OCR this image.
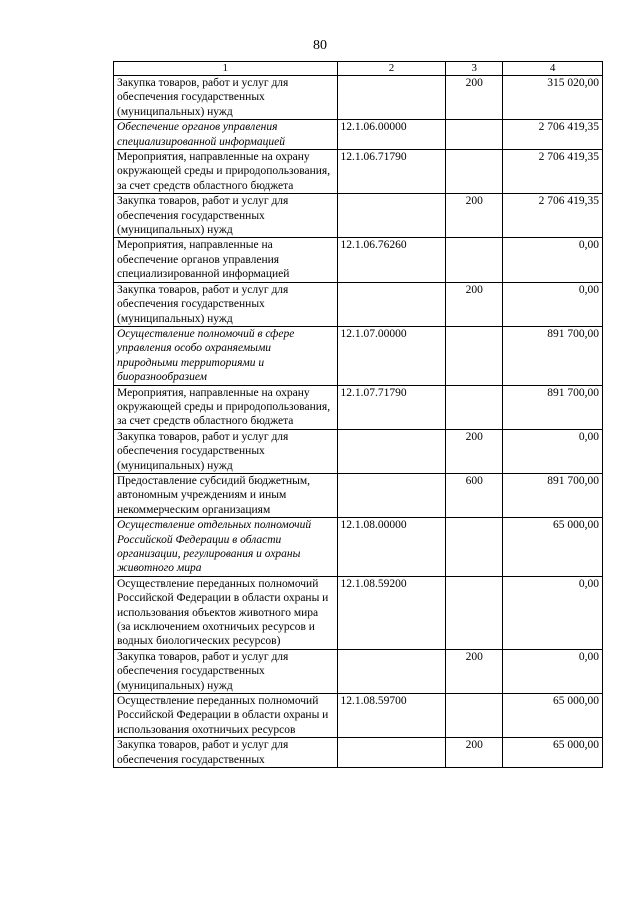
80
1	2	3	4
Закупка товаров, работ и услуг для обеспечения государственных (муниципальных) нужд		200	315 020,00
Обеспечение органов управления специализированной информацией	12.1.06.00000		2 706 419,35
Мероприятия, направленные на охрану окружающей среды и природопользования, за счет средств областного бюджета	12.1.06.71790		2 706 419,35
Закупка товаров, работ и услуг для обеспечения государственных (муниципальных) нужд		200	2 706 419,35
Мероприятия, направленные на обеспечение органов управления специализированной информацией	12.1.06.76260		0,00
Закупка товаров, работ и услуг для обеспечения государственных (муниципальных) нужд		200	0,00
Осуществление полномочий в сфере управления особо охраняемыми природными территориями и биоразнообразием	12.1.07.00000		891 700,00
Мероприятия, направленные на охрану окружающей среды и природопользования, за счет средств областного бюджета	12.1.07.71790		891 700,00
Закупка товаров, работ и услуг для обеспечения государственных (муниципальных) нужд		200	0,00
Предоставление субсидий бюджетным, автономным учреждениям и иным некоммерческим организациям		600	891 700,00
Осуществление отдельных полномочий Российской Федерации в области организации, регулирования и охраны животного мира	12.1.08.00000		65 000,00
Осуществление переданных полномочий Российской Федерации в области охраны и использования объектов животного мира (за исключением охотничьих ресурсов и водных биологических ресурсов)	12.1.08.59200		0,00
Закупка товаров, работ и услуг для обеспечения государственных (муниципальных) нужд		200	0,00
Осуществление переданных полномочий Российской Федерации в области охраны и использования охотничьих ресурсов	12.1.08.59700		65 000,00
Закупка товаров, работ и услуг для обеспечения государственных		200	65 000,00
